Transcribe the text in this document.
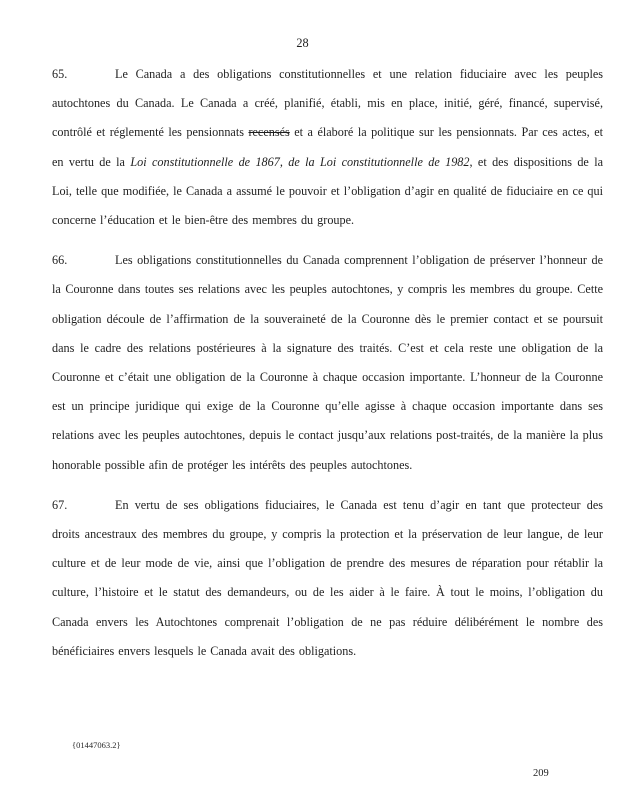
28

65.	Le Canada a des obligations constitutionnelles et une relation fiduciaire avec les peuples autochtones du Canada. Le Canada a créé, planifié, établi, mis en place, initié, géré, financé, supervisé, contrôlé et réglementé les pensionnats recensés et a élaboré la politique sur les pensionnats. Par ces actes, et en vertu de la Loi constitutionnelle de 1867, de la Loi constitutionnelle de 1982, et des dispositions de la Loi, telle que modifiée, le Canada a assumé le pouvoir et l’obligation d’agir en qualité de fiduciaire en ce qui concerne l’éducation et le bien-être des membres du groupe.

66.	Les obligations constitutionnelles du Canada comprennent l’obligation de préserver l’honneur de la Couronne dans toutes ses relations avec les peuples autochtones, y compris les membres du groupe. Cette obligation découle de l’affirmation de la souveraineté de la Couronne dès le premier contact et se poursuit dans le cadre des relations postérieures à la signature des traités. C’est et cela reste une obligation de la Couronne et c’était une obligation de la Couronne à chaque occasion importante. L’honneur de la Couronne est un principe juridique qui exige de la Couronne qu’elle agisse à chaque occasion importante dans ses relations avec les peuples autochtones, depuis le contact jusqu’aux relations post-traités, de la manière la plus honorable possible afin de protéger les intérêts des peuples autochtones.

67.	En vertu de ses obligations fiduciaires, le Canada est tenu d’agir en tant que protecteur des droits ancestraux des membres du groupe, y compris la protection et la préservation de leur langue, de leur culture et de leur mode de vie, ainsi que l’obligation de prendre des mesures de réparation pour rétablir la culture, l’histoire et le statut des demandeurs, ou de les aider à le faire. À tout le moins, l’obligation du Canada envers les Autochtones comprenait l’obligation de ne pas réduire délibérément le nombre des bénéficiaires envers lesquels le Canada avait des obligations.

{01447063.2}
209
